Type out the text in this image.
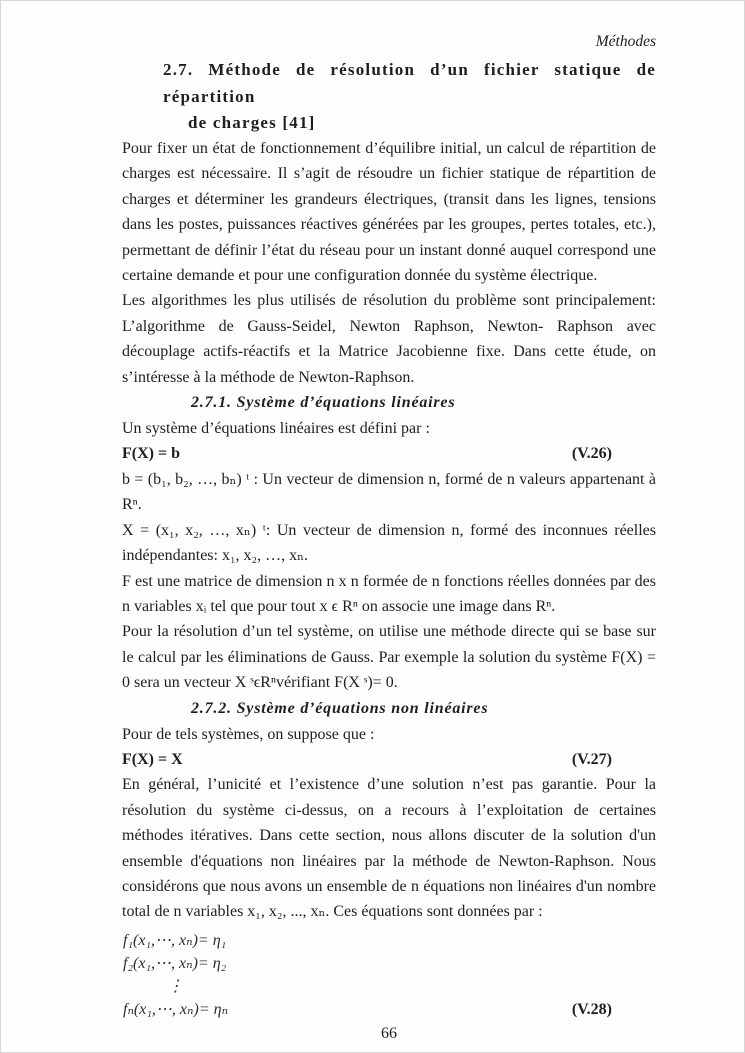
Méthodes
2.7. Méthode de résolution d’un fichier statique de répartition
de charges [41]

Pour fixer un état de fonctionnement d’équilibre initial, un calcul de répartition de charges est nécessaire. Il s’agit de résoudre un fichier statique de répartition de charges et déterminer les grandeurs électriques, (transit dans les lignes, tensions dans les postes, puissances réactives générées par les groupes, pertes totales, etc.), permettant de définir l’état du réseau pour un instant donné auquel correspond une certaine demande et pour une configuration donnée du système électrique.

Les algorithmes les plus utilisés de résolution du problème sont principalement: L’algorithme de Gauss-Seidel, Newton Raphson, Newton- Raphson avec découplage actifs-réactifs et la Matrice Jacobienne fixe. Dans cette étude, on s’intéresse à la méthode de Newton-Raphson.

2.7.1. Système d’équations linéaires

Un système d’équations linéaires est défini par :

F(X) = b	(V.26)

b = (b₁, b₂, …, bₙ) ᵗ : Un vecteur de dimension n, formé de n valeurs appartenant à Rⁿ.

X = (x₁, x₂, …, xₙ) ᵗ: Un vecteur de dimension n, formé des inconnues réelles indépendantes: x₁, x₂, …, xₙ.

F est une matrice de dimension n x n formée de n fonctions réelles données par des n variables xᵢ tel que pour tout x ϵ Rⁿ on associe une image dans Rⁿ.

Pour la résolution d’un tel système, on utilise une méthode directe qui se base sur le calcul par les éliminations de Gauss. Par exemple la solution du système F(X) = 0 sera un vecteur X ˢϵRⁿvérifiant F(X ˢ)= 0.

2.7.2. Système d’équations non linéaires

Pour de tels systèmes, on suppose que :

F(X) = X	(V.27)

En général, l’unicité et l’existence d’une solution n’est pas garantie. Pour la résolution du système ci-dessus, on a recours à l’exploitation de certaines méthodes itératives. Dans cette section, nous allons discuter de la solution d'un ensemble d'équations non linéaires par la méthode de Newton-Raphson. Nous considérons que nous avons un ensemble de n équations non linéaires d'un nombre total de n variables x₁, x₂, ..., xₙ. Ces équations sont données par :

f₁(x₁,⋯, xₙ)= η₁
f₂(x₁,⋯, xₙ)= η₂
⋮
fₙ(x₁,⋯, xₙ)= ηₙ	(V.28)
66
